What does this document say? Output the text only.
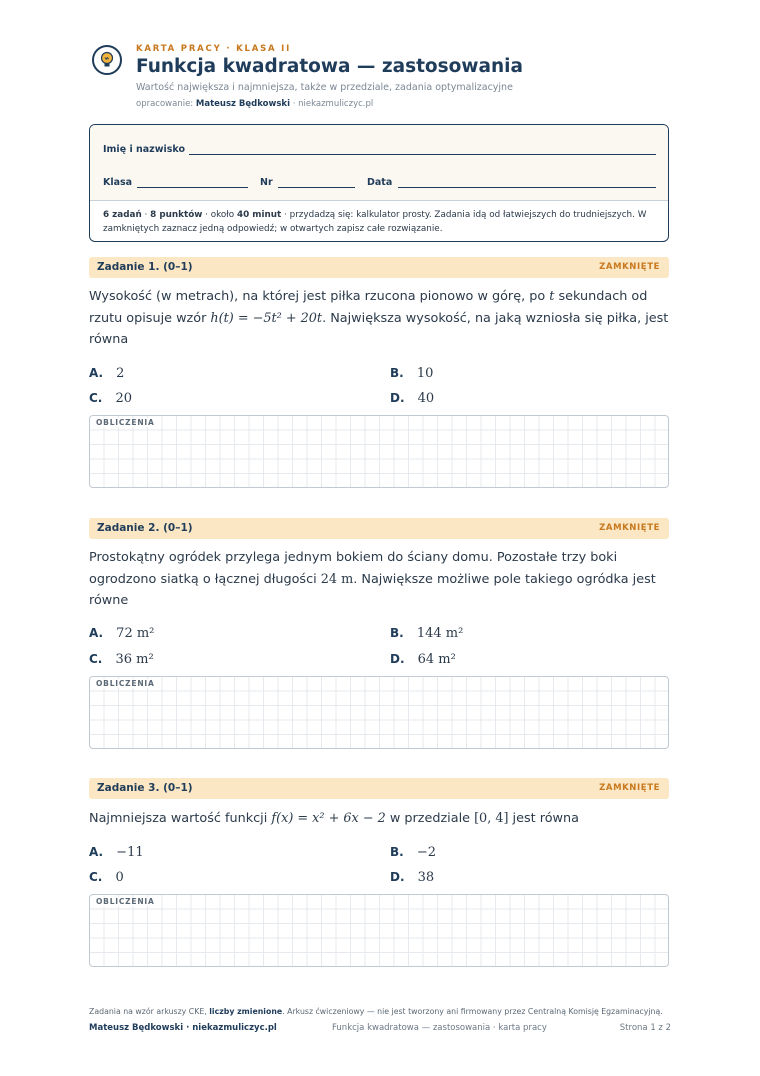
KARTA PRACY · KLASA II
Funkcja kwadratowa — zastosowania
Wartość największa i najmniejsza, także w przedziale, zadania optymalizacyjne
opracowanie: Mateusz Będkowski · niekazmuliczyc.pl
Imię i nazwisko
Klasa	Nr	Data
6 zadań · 8 punktów · około 40 minut · przydadzą się: kalkulator prosty. Zadania idą od łatwiejszych do trudniejszych. W zamkniętych zaznacz jedną odpowiedź; w otwartych zapisz całe rozwiązanie.
Zadanie 1. (0–1)	ZAMKNIĘTE
Wysokość (w metrach), na której jest piłka rzucona pionowo w górę, po t sekundach od rzutu opisuje wzór h(t) = −5t² + 20t. Największa wysokość, na jaką wzniosła się piłka, jest równa
A. 2	B. 10
C. 20	D. 40
OBLICZENIA
Zadanie 2. (0–1)	ZAMKNIĘTE
Prostokątny ogródek przylega jednym bokiem do ściany domu. Pozostałe trzy boki ogrodzono siatką o łącznej długości 24 m. Największe możliwe pole takiego ogródka jest równe
A. 72 m²	B. 144 m²
C. 36 m²	D. 64 m²
OBLICZENIA
Zadanie 3. (0–1)	ZAMKNIĘTE
Najmniejsza wartość funkcji f(x) = x² + 6x − 2 w przedziale [0, 4] jest równa
A. −11	B. −2
C. 0	D. 38
OBLICZENIA
Zadania na wzór arkuszy CKE, liczby zmienione. Arkusz ćwiczeniowy — nie jest tworzony ani firmowany przez Centralną Komisję Egzaminacyjną.
Mateusz Będkowski · niekazmuliczyc.pl	Funkcja kwadratowa — zastosowania · karta pracy	Strona 1 z 2
